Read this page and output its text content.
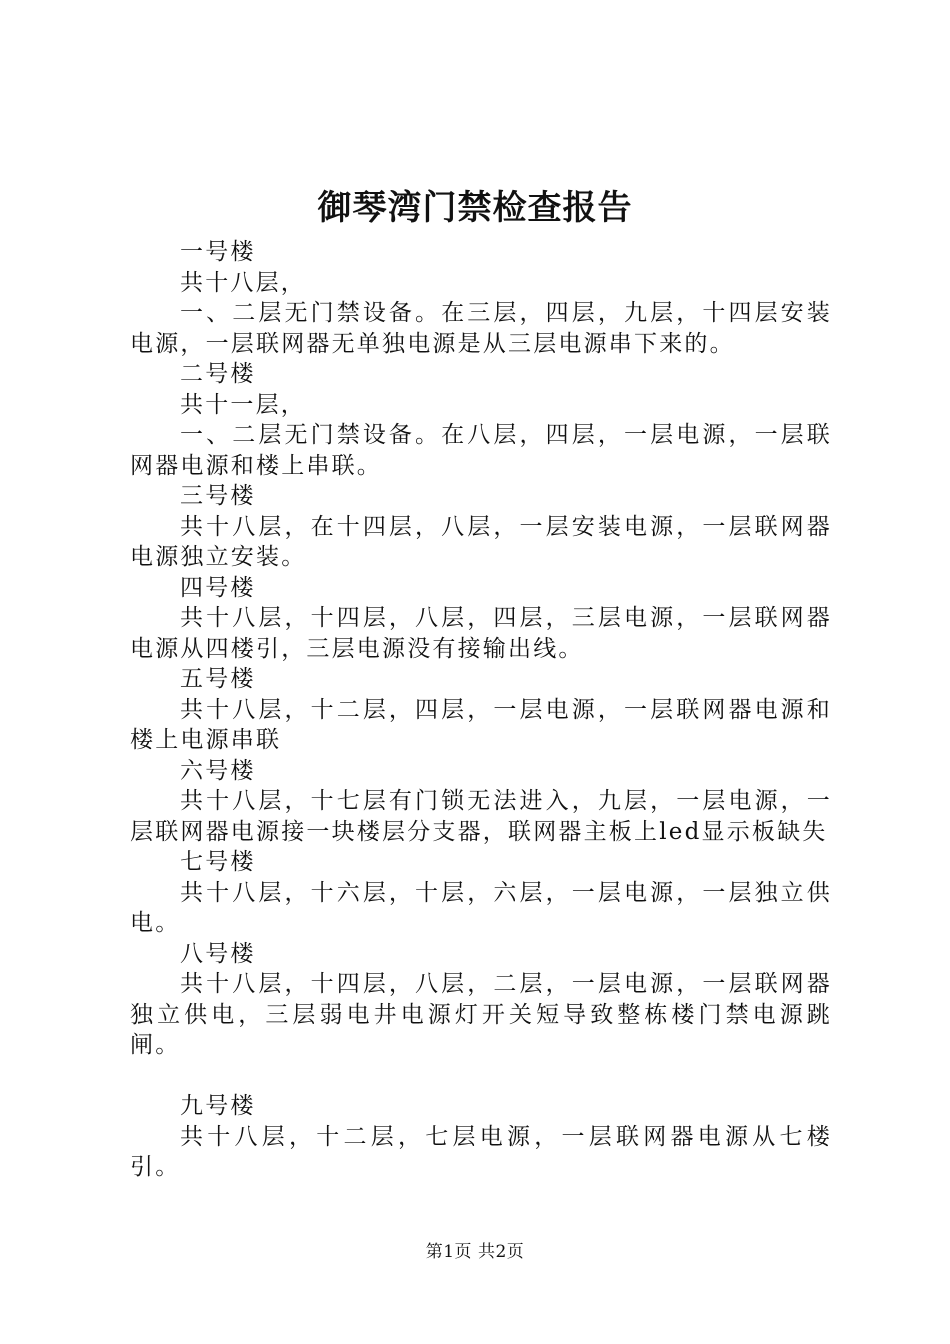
御琴湾门禁检查报告

一号楼

共十八层，

一、二层无门禁设备。在三层，四层，九层，十四层安装电源，一层联网器无单独电源是从三层电源串下来的。

二号楼

共十一层，

一、二层无门禁设备。在八层，四层，一层电源，一层联网器电源和楼上串联。

三号楼

共十八层，在十四层，八层，一层安装电源，一层联网器电源独立安装。

四号楼

共十八层，十四层，八层，四层，三层电源，一层联网器电源从四楼引，三层电源没有接输出线。

五号楼

共十八层，十二层，四层，一层电源，一层联网器电源和楼上电源串联

六号楼

共十八层，十七层有门锁无法进入，九层，一层电源，一层联网器电源接一块楼层分支器，联网器主板上led显示板缺失

七号楼

共十八层，十六层，十层，六层，一层电源，一层独立供电。

八号楼

共十八层，十四层，八层，二层，一层电源，一层联网器独立供电，三层弱电井电源灯开关短导致整栋楼门禁电源跳闸。

九号楼

共十八层，十二层，七层电源，一层联网器电源从七楼引。

第1页 共2页
